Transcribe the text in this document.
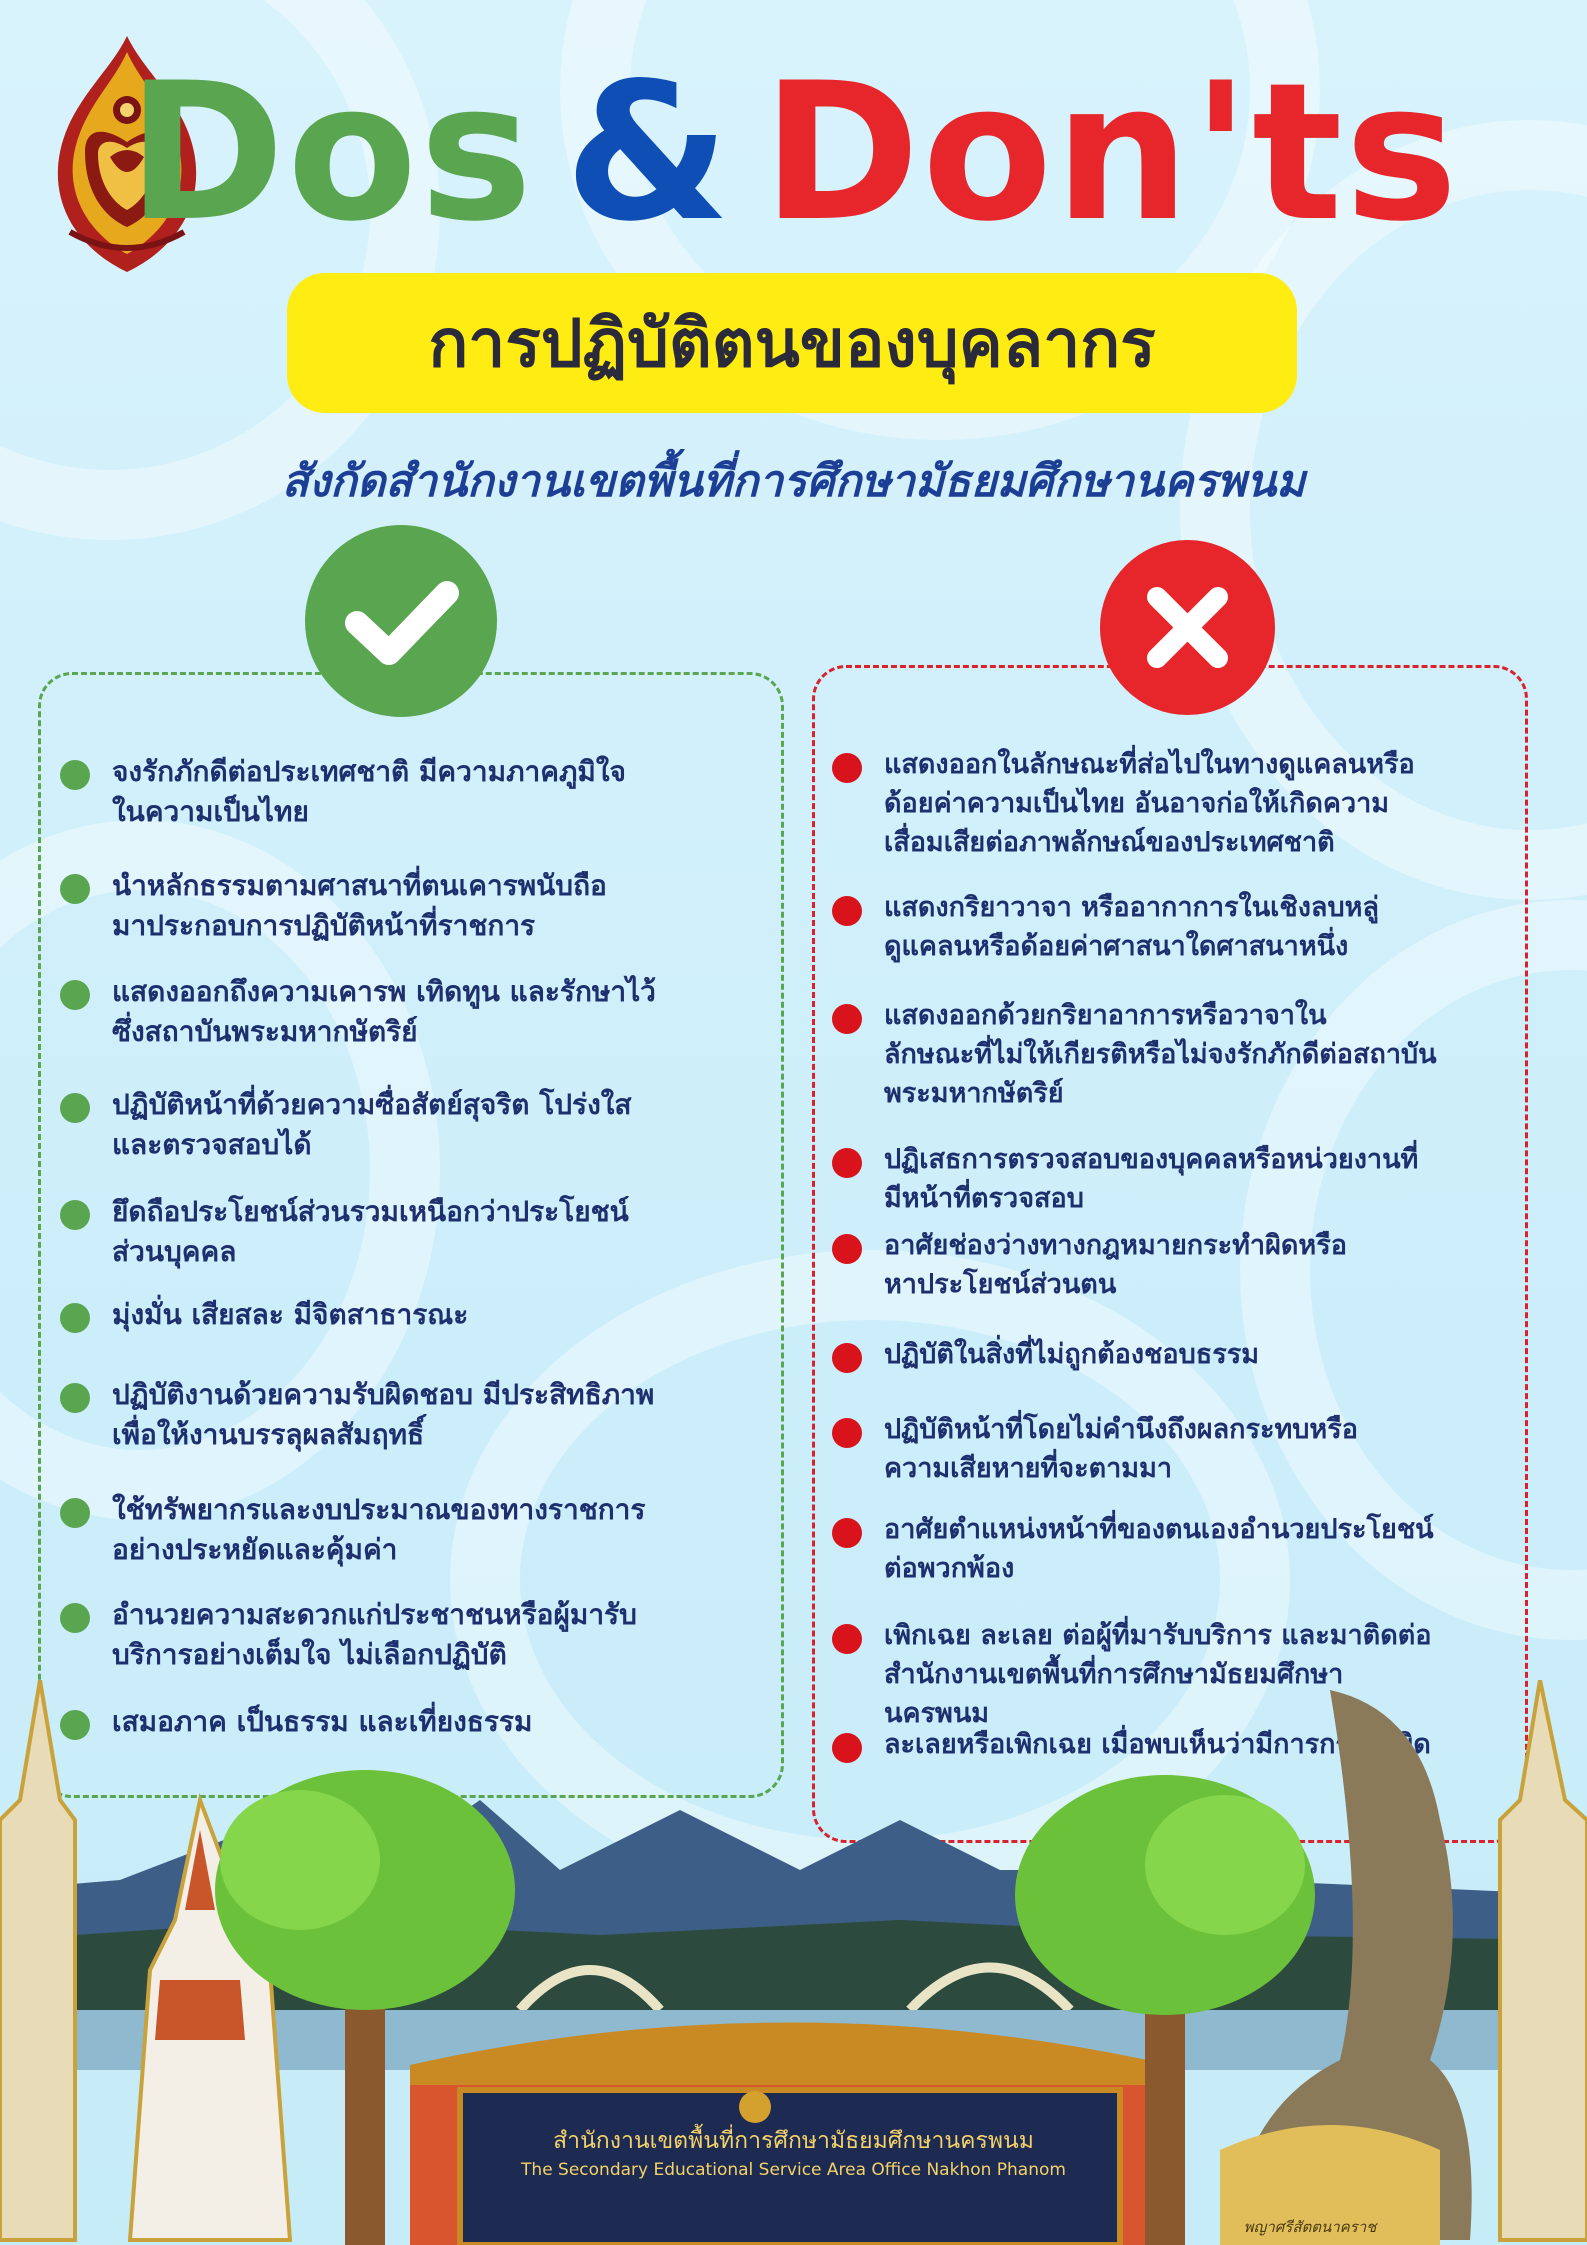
Dos & Don'ts
การปฏิบัติตนของบุคลากร
สังกัดสำนักงานเขตพื้นที่การศึกษามัธยมศึกษานครพนม
จงรักภักดีต่อประเทศชาติ มีความภาคภูมิใจ
ในความเป็นไทย
นำหลักธรรมตามศาสนาที่ตนเคารพนับถือ
มาประกอบการปฏิบัติหน้าที่ราชการ
แสดงออกถึงความเคารพ เทิดทูน และรักษาไว้
ซึ่งสถาบันพระมหากษัตริย์
ปฏิบัติหน้าที่ด้วยความซื่อสัตย์สุจริต โปร่งใส
และตรวจสอบได้
ยึดถือประโยชน์ส่วนรวมเหนือกว่าประโยชน์
ส่วนบุคคล
มุ่งมั่น เสียสละ มีจิตสาธารณะ
ปฏิบัติงานด้วยความรับผิดชอบ มีประสิทธิภาพ
เพื่อให้งานบรรลุผลสัมฤทธิ์
ใช้ทรัพยากรและงบประมาณของทางราชการ
อย่างประหยัดและคุ้มค่า
อำนวยความสะดวกแก่ประชาชนหรือผู้มารับ
บริการอย่างเต็มใจ ไม่เลือกปฏิบัติ
เสมอภาค เป็นธรรม และเที่ยงธรรม
แสดงออกในลักษณะที่ส่อไปในทางดูแคลนหรือ
ด้อยค่าความเป็นไทย อันอาจก่อให้เกิดความ
เสื่อมเสียต่อภาพลักษณ์ของประเทศชาติ
แสดงกริยาวาจา หรืออากาการในเชิงลบหลู่
ดูแคลนหรือด้อยค่าศาสนาใดศาสนาหนึ่ง
แสดงออกด้วยกริยาอาการหรือวาจาใน
ลักษณะที่ไม่ให้เกียรติหรือไม่จงรักภักดีต่อสถาบัน
พระมหากษัตริย์
ปฏิเสธการตรวจสอบของบุคคลหรือหน่วยงานที่
มีหน้าที่ตรวจสอบ
อาศัยช่องว่างทางกฎหมายกระทำผิดหรือ
หาประโยชน์ส่วนตน
ปฏิบัติในสิ่งที่ไม่ถูกต้องชอบธรรม
ปฏิบัติหน้าที่โดยไม่คำนึงถึงผลกระทบหรือ
ความเสียหายที่จะตามมา
อาศัยตำแหน่งหน้าที่ของตนเองอำนวยประโยชน์
ต่อพวกพ้อง
เพิกเฉย ละเลย ต่อผู้ที่มารับบริการ และมาติดต่อ
สำนักงานเขตพื้นที่การศึกษามัธยมศึกษา
นครพนม
ละเลยหรือเพิกเฉย เมื่อพบเห็นว่ามีการกระทำผิด
สำนักงานเขตพื้นที่การศึกษามัธยมศึกษานครพนม
The Secondary Educational Service Area Office Nakhon Phanom
พญาศรีสัตตนาคราช
